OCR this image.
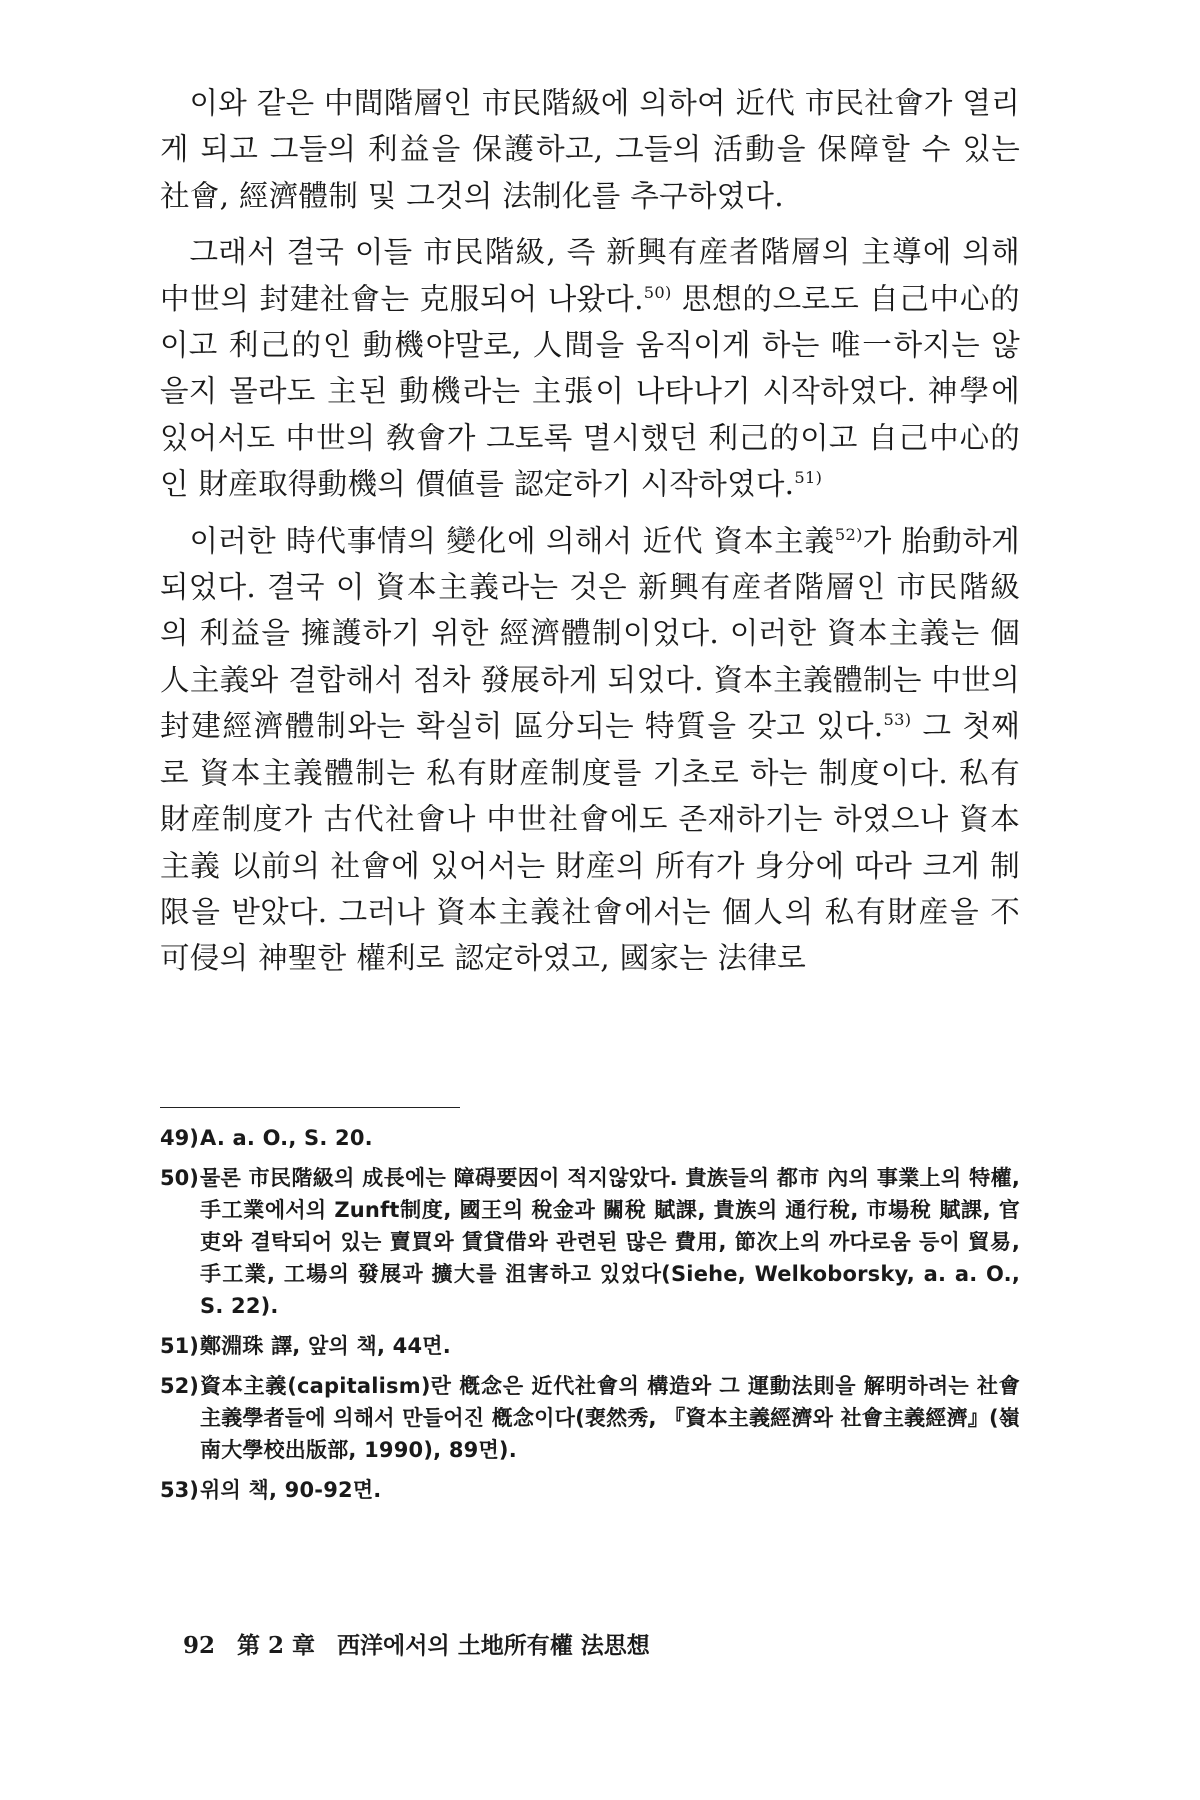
이와 같은 中間階層인 市民階級에 의하여 近代 市民社會가 열리게 되고 그들의 利益을 保護하고, 그들의 活動을 保障할 수 있는 社會, 經濟體制 및 그것의 法制化를 추구하였다.

그래서 결국 이들 市民階級, 즉 新興有産者階層의 主導에 의해 中世의 封建社會는 克服되어 나왔다.$^{50)}$ 思想的으로도 自己中心的이고 利己的인 動機야말로, 人間을 움직이게 하는 唯一하지는 않을지 몰라도 主된 動機라는 主張이 나타나기 시작하였다. 神學에 있어서도 中世의 敎會가 그토록 멸시했던 利己的이고 自己中心的인 財産取得動機의 價値를 認定하기 시작하였다.$^{51)}$

이러한 時代事情의 變化에 의해서 近代 資本主義$^{52)}$가 胎動하게 되었다. 결국 이 資本主義라는 것은 新興有産者階層인 市民階級의 利益을 擁護하기 위한 經濟體制이었다. 이러한 資本主義는 個人主義와 결합해서 점차 發展하게 되었다. 資本主義體制는 中世의 封建經濟體制와는 확실히 區分되는 特質을 갖고 있다.$^{53)}$ 그 첫째로 資本主義體制는 私有財産制度를 기초로 하는 制度이다. 私有財産制度가 古代社會나 中世社會에도 존재하기는 하였으나 資本主義 以前의 社會에 있어서는 財産의 所有가 身分에 따라 크게 制限을 받았다. 그러나 資本主義社會에서는 個人의 私有財産을 不可侵의 神聖한 權利로 認定하였고, 國家는 法律로

49) A. a. O., S. 20.
50) 물론 市民階級의 成長에는 障碍要因이 적지않았다. 貴族들의 都市 內의 事業上의 特權, 手工業에서의 Zunft制度, 國王의 稅金과 關稅 賦課, 貴族의 通行稅, 市場稅 賦課, 官吏와 결탁되어 있는 賣買와 賃貸借와 관련된 많은 費用, 節次上의 까다로움 등이 貿易, 手工業, 工場의 發展과 擴大를 沮害하고 있었다(Siehe, Welkoborsky, a. a. O., S. 22).
51) 鄭淵珠 譯, 앞의 책, 44면.
52) 資本主義(capitalism)란 槪念은 近代社會의 構造와 그 運動法則을 解明하려는 社會主義學者들에 의해서 만들어진 槪念이다(裵然秀, 『資本主義經濟와 社會主義經濟』(嶺南大學校出版部, 1990), 89면).
53) 위의 책, 90-92면.
92 第 2 章 西洋에서의 土地所有權 法思想
